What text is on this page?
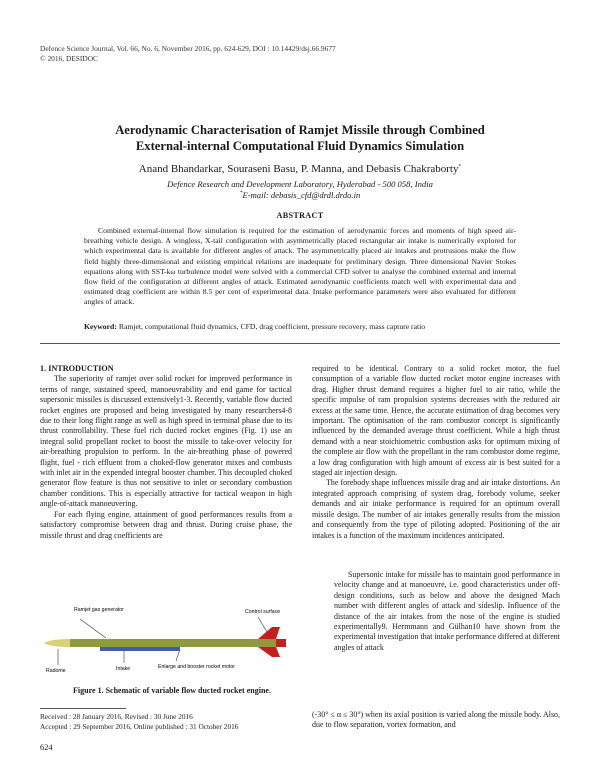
Defence Science Journal, Vol. 66, No. 6, November 2016, pp. 624-629, DOI : 10.14429/dsj.66.9677
© 2016, DESIDOC
Aerodynamic Characterisation of Ramjet Missile through Combined
External-internal Computational Fluid Dynamics Simulation
Anand Bhandarkar, Souraseni Basu, P. Manna, and Debasis Chakraborty*
Defence Research and Development Laboratory, Hyderabad - 500 058, India
*E-mail: debasis_cfd@drdl.drdo.in
ABSTRACT

Combined external-internal flow simulation is required for the estimation of aerodynamic forces and moments of high speed air-breathing vehicle design. A wingless, X-tail configuration with asymmetrically placed rectangular air intake is numerically explored for which experimental data is available for different angles of attack. The asymmetrically placed air intakes and protrusions make the flow field highly three-dimensional and existing empirical relations are inadequate for preliminary design. Three dimensional Navier Stokes equations along with SST-kω turbulence model were solved with a commercial CFD solver to analyse the combined external and internal flow field of the configuration at different angles of attack. Estimated aerodynamic coefficients match well with experimental data and estimated drag coefficient are within 8.5 per cent of experimental data. Intake performance parameters were also evaluated for different angles of attack.

Keyword: Ramjet, computational fluid dynamics, CFD, drag coefficient, pressure recovery, mass capture ratio

1. INTRODUCTION

The superiority of ramjet over solid rocket for improved performance in terms of range, sustained speed, manoeuvrability and end game for tactical supersonic missiles is discussed extensively1-3. Recently, variable flow ducted rocket engines are proposed and being investigated by many researchers4-8 due to their long flight range as well as high speed in terminal phase due to its thrust controllability. These fuel rich ducted rocket engines (Fig. 1) use an integral solid propellant rocket to boost the missile to take-over velocity for air-breathing propulsion to perform. In the air-breathing phase of powered flight, fuel - rich effluent from a choked-flow generator mixes and combusts with inlet air in the expended integral booster chamber. This decoupled choked generator flow feature is thus not sensitive to inlet or secondary combustion chamber conditions. This is especially attractive for tactical weapon in high angle-of-attack manoeuvering.

For each flying engine, attainment of good performances results from a satisfactory compromise between drag and thrust. During cruise phase, the missile thrust and drag coefficients are

Ramjet gas generator	Control surface
Radome	Intake	Enlarge and booster rocket motor
Figure 1. Schematic of variable flow ducted rocket engine.

required to be identical. Contrary to a solid rocket motor, the fuel consumption of a variable flow ducted rocket motor engine increases with drag. Higher thrust demand requires a higher fuel to air ratio, while the specific impulse of ram propulsion systems decreases with the reduced air excess at the same time. Hence, the accurate estimation of drag becomes very important. The optimisation of the ram combustor concept is significantly influenced by the demanded average thrust coefficient. While a high thrust demand with a near stoichiometric combustion asks for optimum mixing of the complete air flow with the propellant in the ram combustor dome regime, a low drag configuration with high amount of excess air is best suited for a staged air injection design.

The forebody shape influences missile drag and air intake distortions. An integrated approach comprising of system drag, forebody volume, seeker demands and air intake performance is required for an optimum overall missile design. The number of air intakes generally results from the mission and consequently from the type of piloting adopted. Positioning of the air intakes is a function of the maximum incidences anticipated.

Supersonic intake for missile has to maintain good performance in velocity change and at manoeuvre, i.e. good characteristics under off-design conditions, such as below and above the designed Mach number with different angles of attack and sideslip. Influence of the distance of the air intakes from the nose of the engine is studied experimentally9. Hermmann and Gülhan10 have shown from the experimental investigation that intake performance differed at different angles of attack

(-30° ≤ α ≤ 30°) when its axial position is varied along the missile body. Also, due to flow separation, vortex formation, and

Received : 28 January 2016, Revised : 30 June 2016
Accepted : 29 September 2016, Online published : 31 October 2016
624
